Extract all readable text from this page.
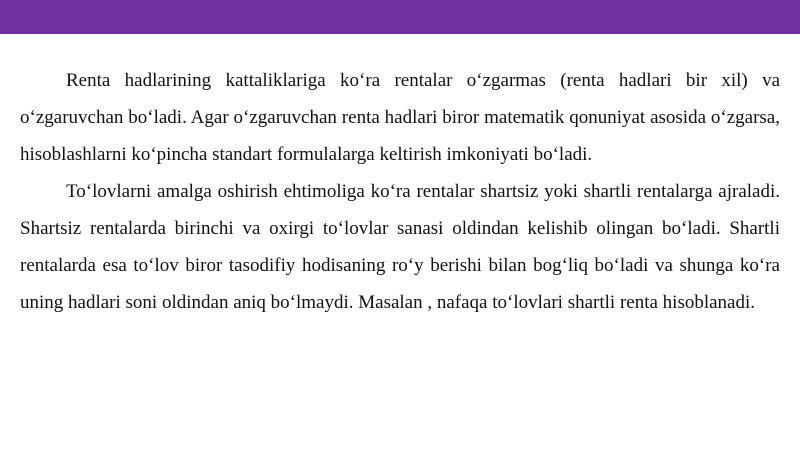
Renta hadlarining kattaliklariga koʻra rentalar oʻzgarmas (renta hadlari bir xil) va oʻzgaruvchan boʻladi. Agar oʻzgaruvchan renta hadlari biror matematik qonuniyat asosida oʻzgarsa, hisoblashlarni koʻpincha standart formulalarga keltirish imkoniyati boʻladi.

Toʻlovlarni amalga oshirish ehtimoliga koʻra rentalar shartsiz yoki shartli rentalarga ajraladi. Shartsiz rentalarda birinchi va oxirgi toʻlovlar sanasi oldindan kelishib olingan boʻladi. Shartli rentalarda esa toʻlov biror tasodifiy hodisaning roʻy berishi bilan bogʻliq boʻladi va shunga koʻra uning hadlari soni oldindan aniq boʻlmaydi. Masalan , nafaqa toʻlovlari shartli renta hisoblanadi.
